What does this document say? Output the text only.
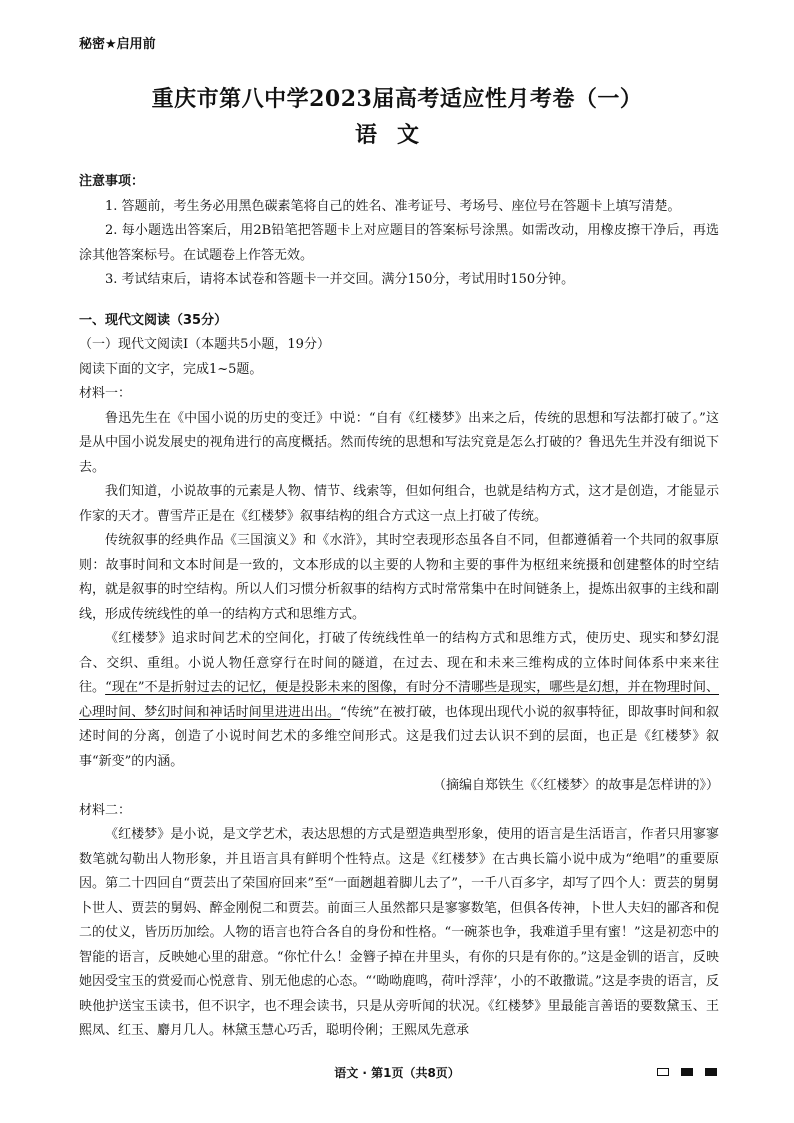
秘密★启用前
重庆市第八中学2023届高考适应性月考卷（一）
语文

注意事项：

1. 答题前，考生务必用黑色碳素笔将自己的姓名、准考证号、考场号、座位号在答题卡上填写清楚。

2. 每小题选出答案后，用2B铅笔把答题卡上对应题目的答案标号涂黑。如需改动，用橡皮擦干净后，再选涂其他答案标号。在试题卷上作答无效。

3. 考试结束后，请将本试卷和答题卡一并交回。满分150分，考试用时150分钟。

一、现代文阅读（35分）

（一）现代文阅读Ⅰ（本题共5小题，19分）

阅读下面的文字，完成1~5题。

材料一：

鲁迅先生在《中国小说的历史的变迁》中说：“自有《红楼梦》出来之后，传统的思想和写法都打破了。”这是从中国小说发展史的视角进行的高度概括。然而传统的思想和写法究竟是怎么打破的？鲁迅先生并没有细说下去。

我们知道，小说故事的元素是人物、情节、线索等，但如何组合，也就是结构方式，这才是创造，才能显示作家的天才。曹雪芹正是在《红楼梦》叙事结构的组合方式这一点上打破了传统。

传统叙事的经典作品《三国演义》和《水浒》，其时空表现形态虽各自不同，但都遵循着一个共同的叙事原则：故事时间和文本时间是一致的，文本形成的以主要的人物和主要的事件为枢纽来统摄和创建整体的时空结构，就是叙事的时空结构。所以人们习惯分析叙事的结构方式时常常集中在时间链条上，提炼出叙事的主线和副线，形成传统线性的单一的结构方式和思维方式。

《红楼梦》追求时间艺术的空间化，打破了传统线性单一的结构方式和思维方式，使历史、现实和梦幻混合、交织、重组。小说人物任意穿行在时间的隧道，在过去、现在和未来三维构成的立体时间体系中来来往往。“现在”不是折射过去的记忆，便是投影未来的图像，有时分不清哪些是现实，哪些是幻想，并在物理时间、心理时间、梦幻时间和神话时间里进进出出。“传统”在被打破，也体现出现代小说的叙事特征，即故事时间和叙述时间的分离，创造了小说时间艺术的多维空间形式。这是我们过去认识不到的层面，也正是《红楼梦》叙事“新变”的内涵。

（摘编自郑铁生《〈红楼梦〉的故事是怎样讲的》）

材料二：

《红楼梦》是小说，是文学艺术，表达思想的方式是塑造典型形象，使用的语言是生活语言，作者只用寥寥数笔就勾勒出人物形象，并且语言具有鲜明个性特点。这是《红楼梦》在古典长篇小说中成为“绝唱”的重要原因。第二十四回自“贾芸出了荣国府回来”至“一面趔趄着脚儿去了”，一千八百多字，却写了四个人：贾芸的舅舅卜世人、贾芸的舅妈、醉金刚倪二和贾芸。前面三人虽然都只是寥寥数笔，但俱各传神，卜世人夫妇的鄙吝和倪二的仗义，皆历历加绘。人物的语言也符合各自的身份和性格。“一碗茶也争，我难道手里有蜜！”这是初恋中的智能的语言，反映她心里的甜意。“你忙什么！金簪子掉在井里头，有你的只是有你的。”这是金钏的语言，反映她因受宝玉的赏爱而心悦意肯、别无他虑的心态。“‘呦呦鹿鸣，荷叶浮萍’，小的不敢撒谎。”这是李贵的语言，反映他护送宝玉读书，但不识字，也不理会读书，只是从旁听闻的状况。《红楼梦》里最能言善语的要数黛玉、王熙凤、红玉、麝月几人。林黛玉慧心巧舌，聪明伶俐；王熙凤先意承

语文 · 第1页（共8页）
